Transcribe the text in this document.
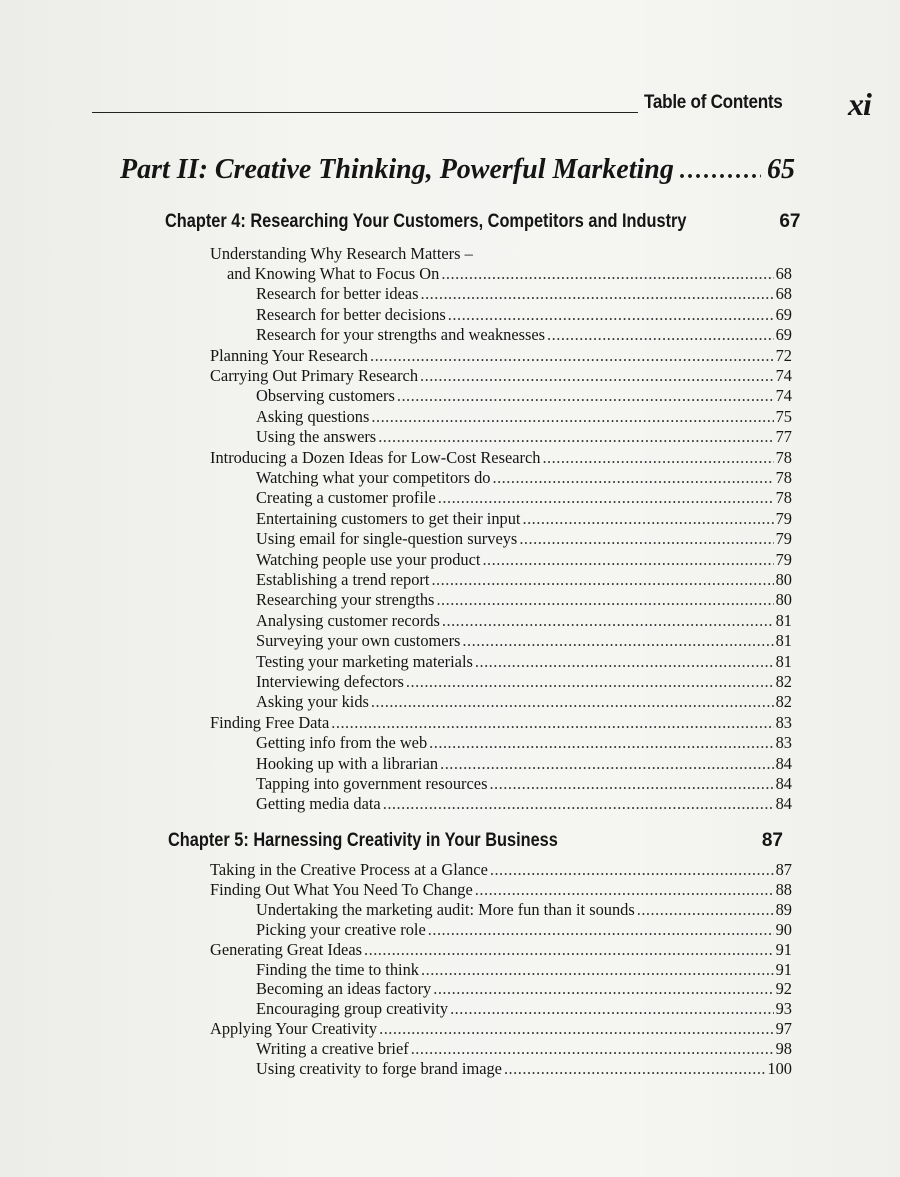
Table of Contents xi
Part II: Creative Thinking, Powerful Marketing .....	65
Chapter 4: Researching Your Customers, Competitors and Industry	67
Understanding Why Research Matters –
and Knowing What to Focus On .....	68
Research for better ideas .....	68
Research for better decisions .....	69
Research for your strengths and weaknesses .....	69
Planning Your Research .....	72
Carrying Out Primary Research .....	74
Observing customers .....	74
Asking questions .....	75
Using the answers .....	77
Introducing a Dozen Ideas for Low-Cost Research .....	78
Watching what your competitors do .....	78
Creating a customer profile .....	78
Entertaining customers to get their input .....	79
Using email for single-question surveys .....	79
Watching people use your product .....	79
Establishing a trend report .....	80
Researching your strengths .....	80
Analysing customer records .....	81
Surveying your own customers .....	81
Testing your marketing materials .....	81
Interviewing defectors .....	82
Asking your kids .....	82
Finding Free Data .....	83
Getting info from the web .....	83
Hooking up with a librarian .....	84
Tapping into government resources .....	84
Getting media data .....	84
Chapter 5: Harnessing Creativity in Your Business	87
Taking in the Creative Process at a Glance .....	87
Finding Out What You Need To Change .....	88
Undertaking the marketing audit: More fun than it sounds .....	89
Picking your creative role .....	90
Generating Great Ideas .....	91
Finding the time to think .....	91
Becoming an ideas factory .....	92
Encouraging group creativity .....	93
Applying Your Creativity .....	97
Writing a creative brief .....	98
Using creativity to forge brand image .....	100
